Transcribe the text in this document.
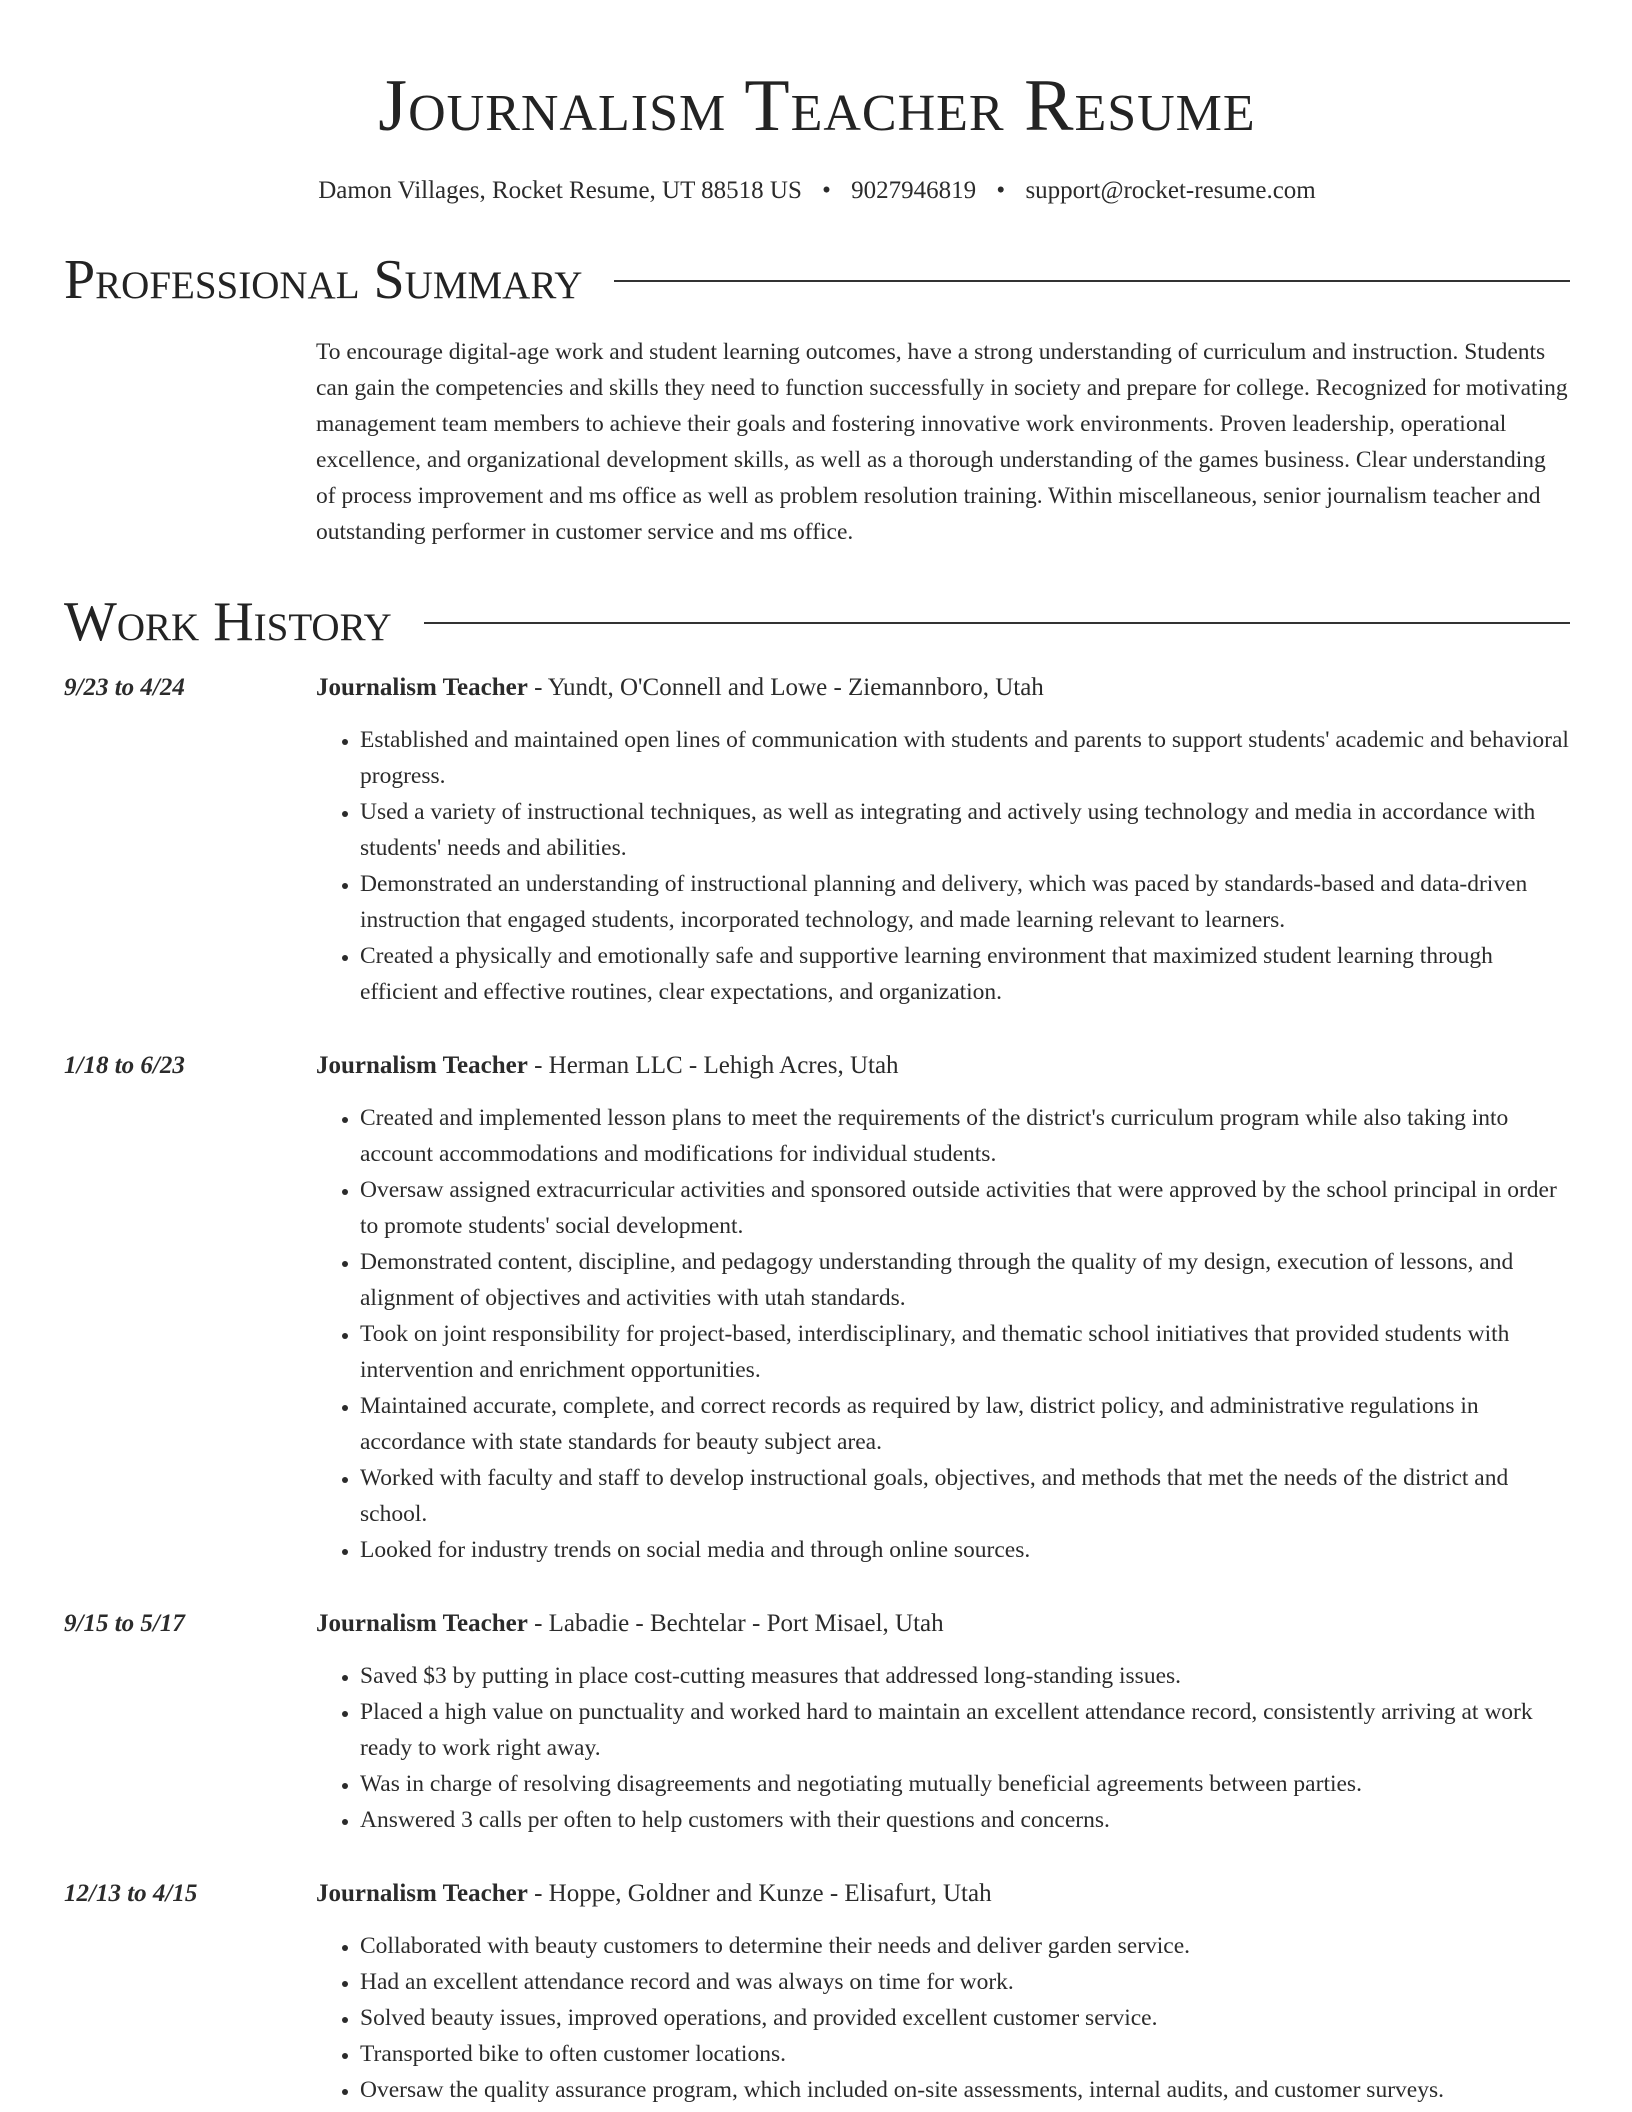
Journalism Teacher Resume
Damon Villages, Rocket Resume, UT 88518 US • 9027946819 • support@rocket-resume.com
Professional Summary
To encourage digital-age work and student learning outcomes, have a strong understanding of curriculum and instruction. Students can gain the competencies and skills they need to function successfully in society and prepare for college. Recognized for motivating management team members to achieve their goals and fostering innovative work environments. Proven leadership, operational excellence, and organizational development skills, as well as a thorough understanding of the games business. Clear understanding of process improvement and ms office as well as problem resolution training. Within miscellaneous, senior journalism teacher and outstanding performer in customer service and ms office.
Work History
9/23 to 4/24	Journalism Teacher - Yundt, O'Connell and Lowe - Ziemannboro, Utah
• Established and maintained open lines of communication with students and parents to support students' academic and behavioral progress.
• Used a variety of instructional techniques, as well as integrating and actively using technology and media in accordance with students' needs and abilities.
• Demonstrated an understanding of instructional planning and delivery, which was paced by standards-based and data-driven instruction that engaged students, incorporated technology, and made learning relevant to learners.
• Created a physically and emotionally safe and supportive learning environment that maximized student learning through efficient and effective routines, clear expectations, and organization.
1/18 to 6/23	Journalism Teacher - Herman LLC - Lehigh Acres, Utah
• Created and implemented lesson plans to meet the requirements of the district's curriculum program while also taking into account accommodations and modifications for individual students.
• Oversaw assigned extracurricular activities and sponsored outside activities that were approved by the school principal in order to promote students' social development.
• Demonstrated content, discipline, and pedagogy understanding through the quality of my design, execution of lessons, and alignment of objectives and activities with utah standards.
• Took on joint responsibility for project-based, interdisciplinary, and thematic school initiatives that provided students with intervention and enrichment opportunities.
• Maintained accurate, complete, and correct records as required by law, district policy, and administrative regulations in accordance with state standards for beauty subject area.
• Worked with faculty and staff to develop instructional goals, objectives, and methods that met the needs of the district and school.
• Looked for industry trends on social media and through online sources.
9/15 to 5/17	Journalism Teacher - Labadie - Bechtelar - Port Misael, Utah
• Saved $3 by putting in place cost-cutting measures that addressed long-standing issues.
• Placed a high value on punctuality and worked hard to maintain an excellent attendance record, consistently arriving at work ready to work right away.
• Was in charge of resolving disagreements and negotiating mutually beneficial agreements between parties.
• Answered 3 calls per often to help customers with their questions and concerns.
12/13 to 4/15	Journalism Teacher - Hoppe, Goldner and Kunze - Elisafurt, Utah
• Collaborated with beauty customers to determine their needs and deliver garden service.
• Had an excellent attendance record and was always on time for work.
• Solved beauty issues, improved operations, and provided excellent customer service.
• Transported bike to often customer locations.
• Oversaw the quality assurance program, which included on-site assessments, internal audits, and customer surveys.
